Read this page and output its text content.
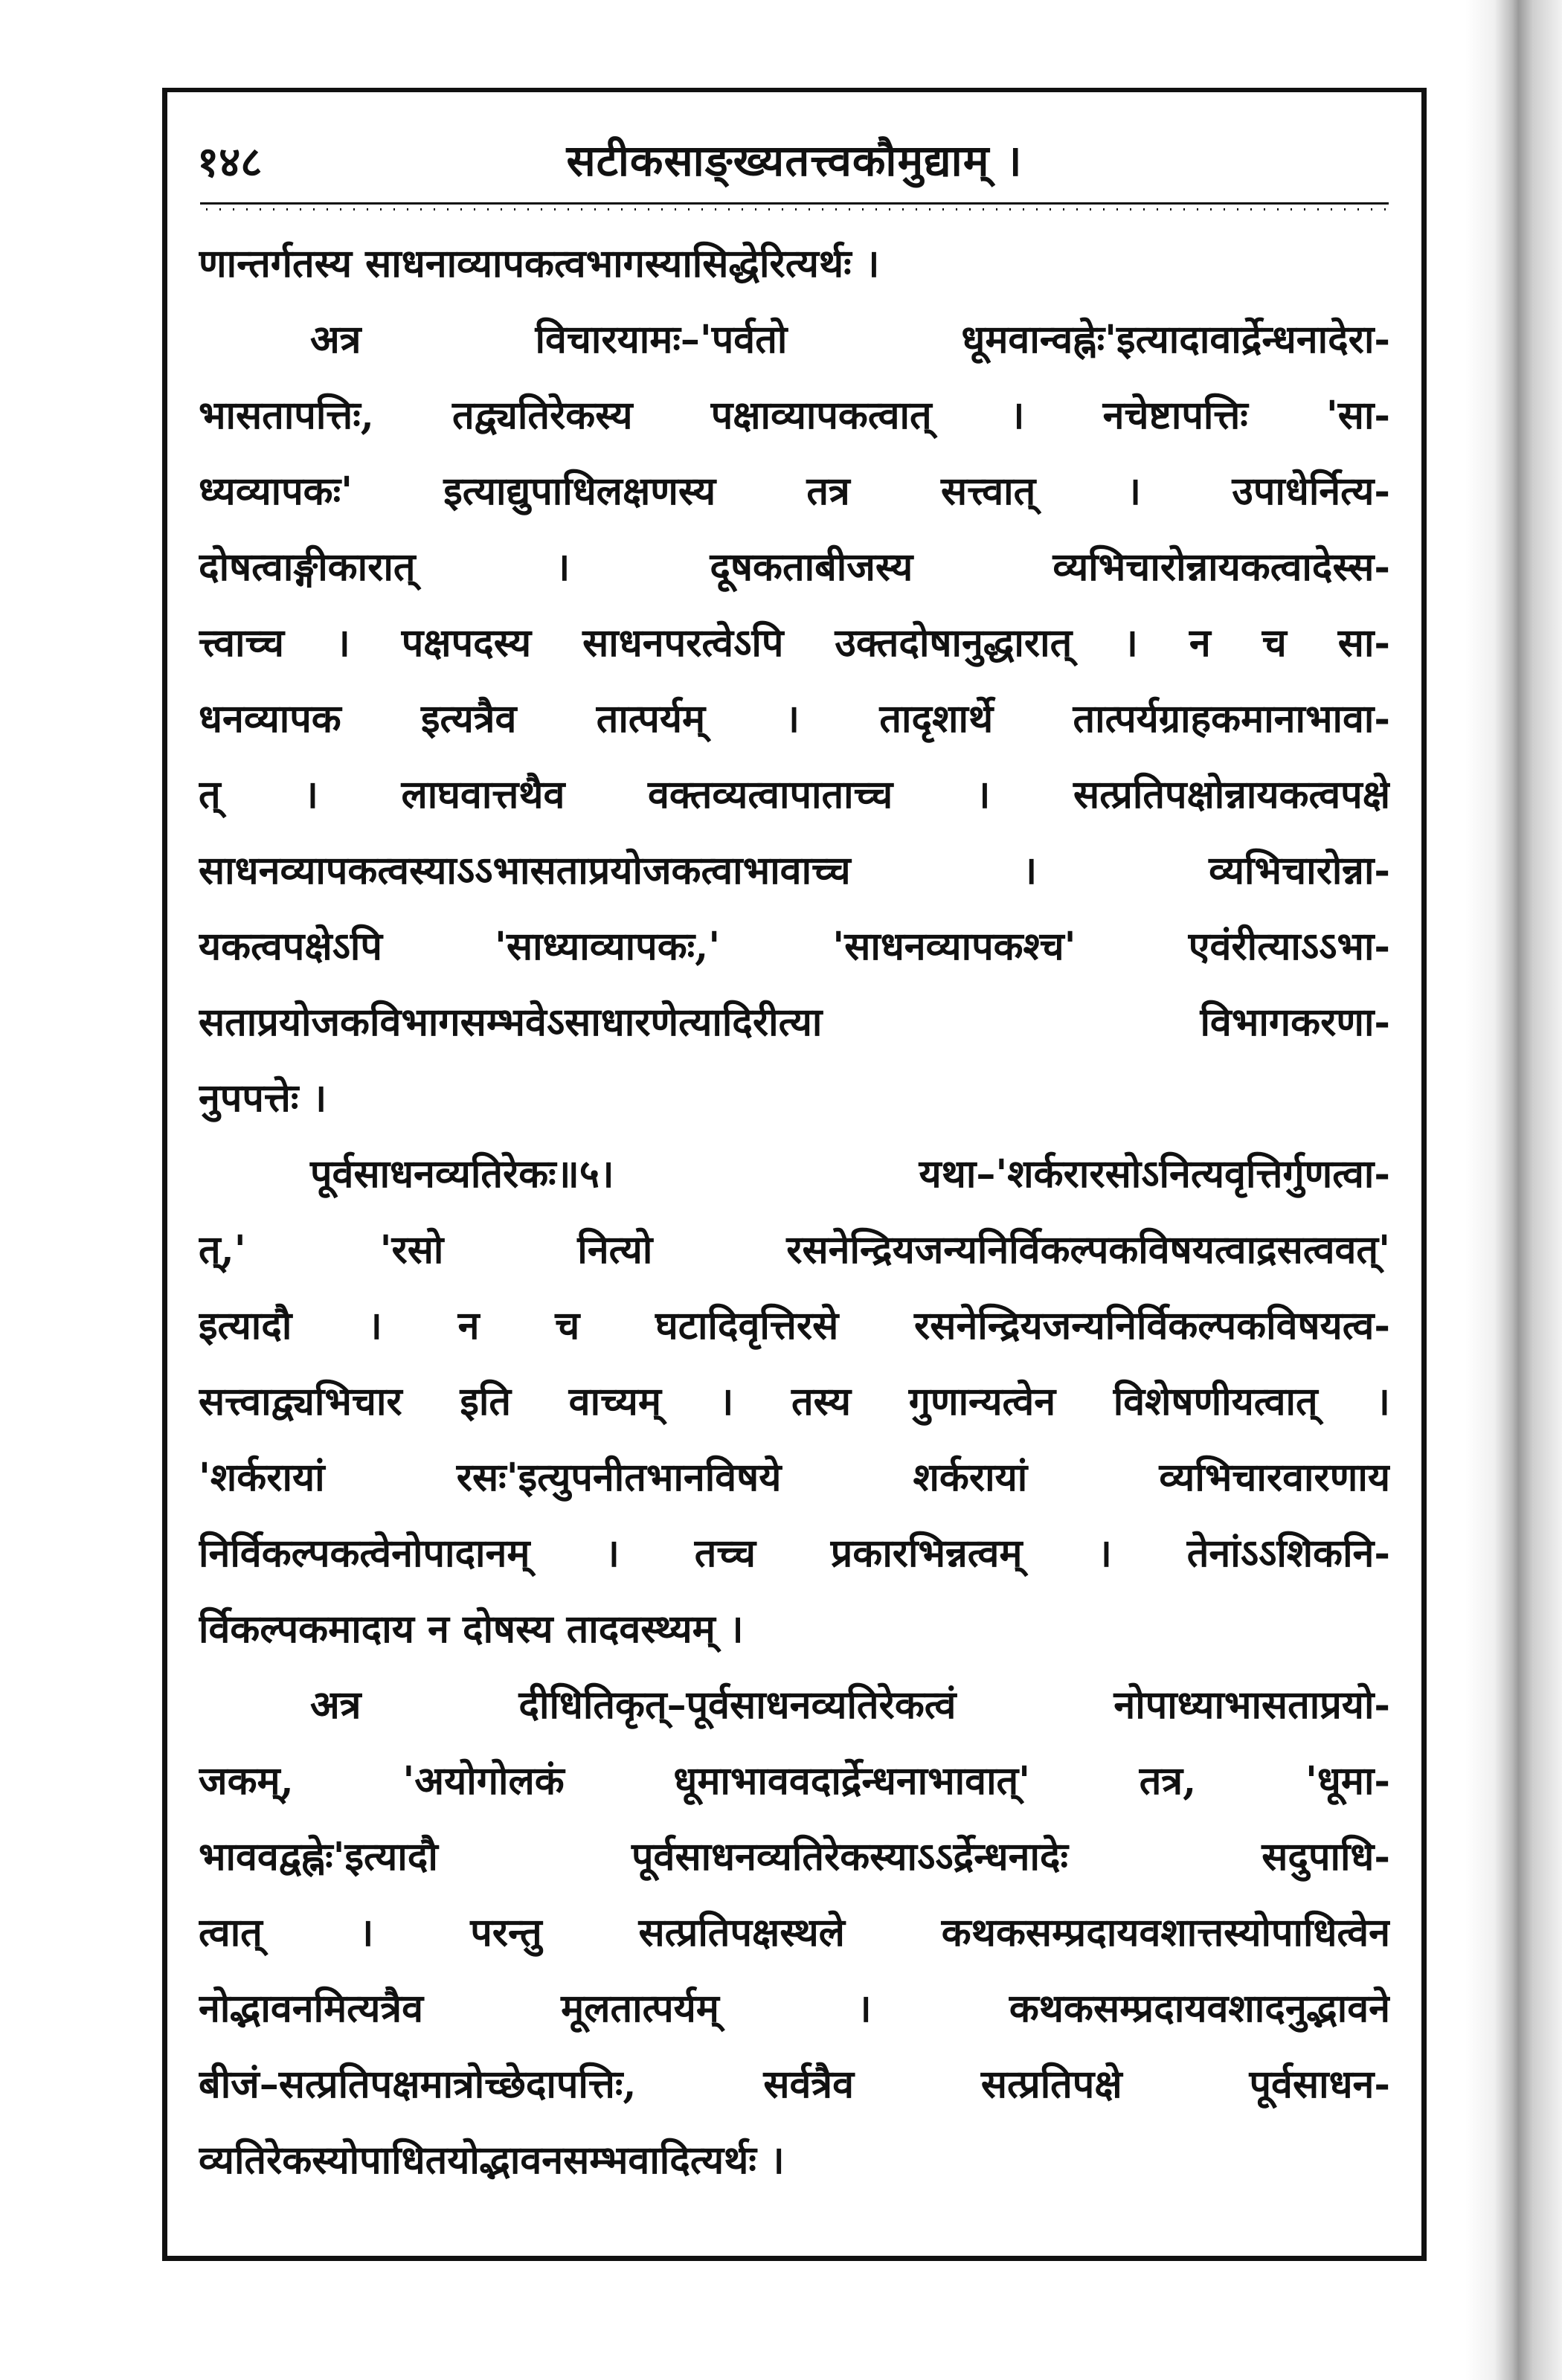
१४८	सटीकसाङ्ख्यतत्त्वकौमुद्याम् ।
णान्तर्गतस्य साधनाव्यापकत्वभागस्यासिद्धेरित्यर्थः ।
अत्र विचारयामः–'पर्वतो धूमवान्वह्नेः'इत्यादावार्द्रेन्धनादेरा-
भासतापत्तिः, तद्व्यतिरेकस्य पक्षाव्यापकत्वात् । नचेष्टापत्तिः 'सा-
ध्यव्यापकः' इत्याद्युपाधिलक्षणस्य तत्र सत्त्वात् । उपाधेर्नित्य-
दोषत्वाङ्गीकारात् । दूषकताबीजस्य व्यभिचारोन्नायकत्वादेस्स-
त्त्वाच्च । पक्षपदस्य साधनपरत्वेऽपि उक्तदोषानुद्धारात् । न च सा-
धनव्यापक इत्यत्रैव तात्पर्यम् । तादृशार्थे तात्पर्यग्राहकमानाभावा-
त् । लाघवात्तथैव वक्तव्यत्वापाताच्च । सत्प्रतिपक्षोन्नायकत्वपक्षे
साधनव्यापकत्वस्याऽऽभासताप्रयोजकत्वाभावाच्च । व्यभिचारोन्ना-
यकत्वपक्षेऽपि 'साध्याव्यापकः,' 'साधनव्यापकश्च' एवंरीत्याऽऽभा-
सताप्रयोजकविभागसम्भवेऽसाधारणेत्यादिरीत्या विभागकरणा-
नुपपत्तेः ।
पूर्वसाधनव्यतिरेकः॥५। यथा–'शर्करारसोऽनित्यवृत्तिर्गुणत्वा-
त्,' 'रसो नित्यो रसनेन्द्रियजन्यनिर्विकल्पकविषयत्वाद्रसत्ववत्'
इत्यादौ । न च घटादिवृत्तिरसे रसनेन्द्रियजन्यनिर्विकल्पकविषयत्व-
सत्त्वाद्व्यभिचार इति वाच्यम् । तस्य गुणान्यत्वेन विशेषणीयत्वात् ।
'शर्करायां रसः'इत्युपनीतभानविषये शर्करायां व्यभिचारवारणाय
निर्विकल्पकत्वेनोपादानम् । तच्च प्रकारभिन्नत्वम् । तेनांऽऽशिकनि-
र्विकल्पकमादाय न दोषस्य तादवस्थ्यम् ।
अत्र दीधितिकृत्–पूर्वसाधनव्यतिरेकत्वं नोपाध्याभासताप्रयो-
जकम्, 'अयोगोलकं धूमाभाववदार्द्रेन्धनाभावात्' तत्र, 'धूमा-
भाववद्वह्नेः'इत्यादौ पूर्वसाधनव्यतिरेकस्याऽऽर्द्रेन्धनादेः सदुपाधि-
त्वात् । परन्तु सत्प्रतिपक्षस्थले कथकसम्प्रदायवशात्तस्योपाधित्वेन
नोद्भावनमित्यत्रैव मूलतात्पर्यम् । कथकसम्प्रदायवशादनुद्भावने
बीजं–सत्प्रतिपक्षमात्रोच्छेदापत्तिः, सर्वत्रैव सत्प्रतिपक्षे पूर्वसाधन-
व्यतिरेकस्योपाधितयोद्भावनसम्भवादित्यर्थः ।
